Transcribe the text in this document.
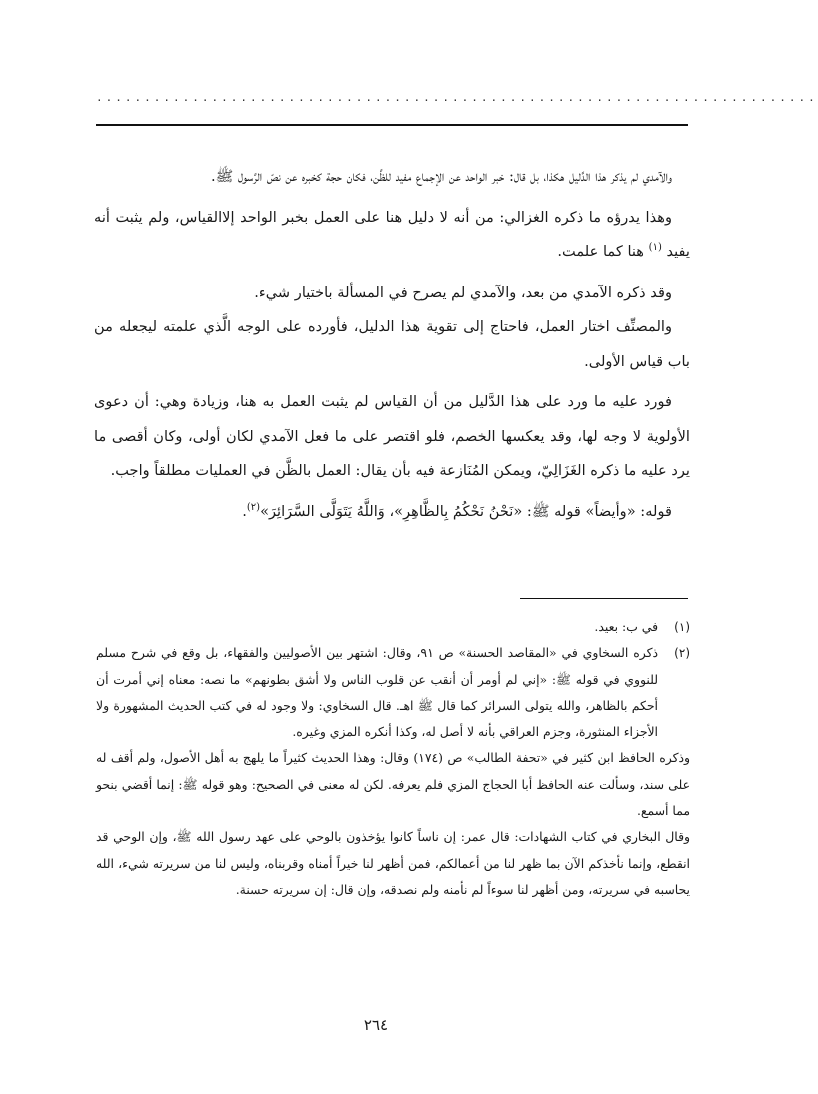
...........................................................................

والآمدي لم يذكر هذا الدَّليل هكذا، بل قال: خبر الواحد عن الإجماع مفيد للظَّن، فكان حجة كخبره عن نصّ الرَّسول ﷺ.

وهذا يدرؤه ما ذكره الغزالي: من أنه لا دليل هنا على العمل بخبر الواحد إلاالقياس، ولم يثبت أنه يفيد $^{(١)}$ هنا كما علمت.

وقد ذكره الآمدي من بعد، والآمدي لم يصرح في المسألة باختيار شيء.

والمصنِّف اختار العمل، فاحتاج إلى تقوية هذا الدليل، فأورده على الوجه الَّذي علمته ليجعله من باب قياس الأولى.

فورد عليه ما ورد على هذا الدَّليل من أن القياس لم يثبت العمل به هنا، وزيادة وهي: أن دعوى الأولوية لا وجه لها، وقد يعكسها الخصم، فلو اقتصر على ما فعل الآمدي لكان أولى، وكان أقصى ما يرد عليه ما ذكره الغَزَالِيّ، ويمكن المُنَازعة فيه بأن يقال: العمل بالظَّن في العمليات مطلقاً واجب.

قوله: «وأيضاً» قوله ﷺ: «نَحْنُ نَحْكُمُ بِالظَّاهِرِ»، وَاللَّهُ يَتَوَلَّى السَّرَائِرَ»$^{(٢)}$.

(١)

في ب: بعيد.

(٢)

ذكره السخاوي في «المقاصد الحسنة» ص ٩١، وقال: اشتهر بين الأصوليين والفقهاء، بل وقع في شرح مسلم للنووي في قوله ﷺ: «إني لم أومر أن أنقب عن قلوب الناس ولا أشق بطونهم» ما نصه: معناه إني أمرت أن أحكم بالظاهر، والله يتولى السرائر كما قال ﷺ اهـ. قال السخاوي: ولا وجود له في كتب الحديث المشهورة ولا الأجزاء المنثورة، وجزم العراقي بأنه لا أصل له، وكذا أنكره المزي وغيره.

وذكره الحافظ ابن كثير في «تحفة الطالب» ص (١٧٤) وقال: وهذا الحديث كثيراً ما يلهج به أهل الأصول، ولم أقف له على سند، وسألت عنه الحافظ أبا الحجاج المزي فلم يعرفه. لكن له معنى في الصحيح: وهو قوله ﷺ: إنما أقضي بنحو مما أسمع.

وقال البخاري في كتاب الشهادات: قال عمر: إن ناساً كانوا يؤخذون بالوحي على عهد رسول الله ﷺ، وإن الوحي قد انقطع، وإنما نأخذكم الآن بما ظهر لنا من أعمالكم، فمن أظهر لنا خيراً أمناه وقربناه، وليس لنا من سريرته شيء، الله يحاسبه في سريرته، ومن أظهر لنا سوءاً لم نأمنه ولم نصدقه، وإن قال: إن سريرته حسنة.

٢٦٤
